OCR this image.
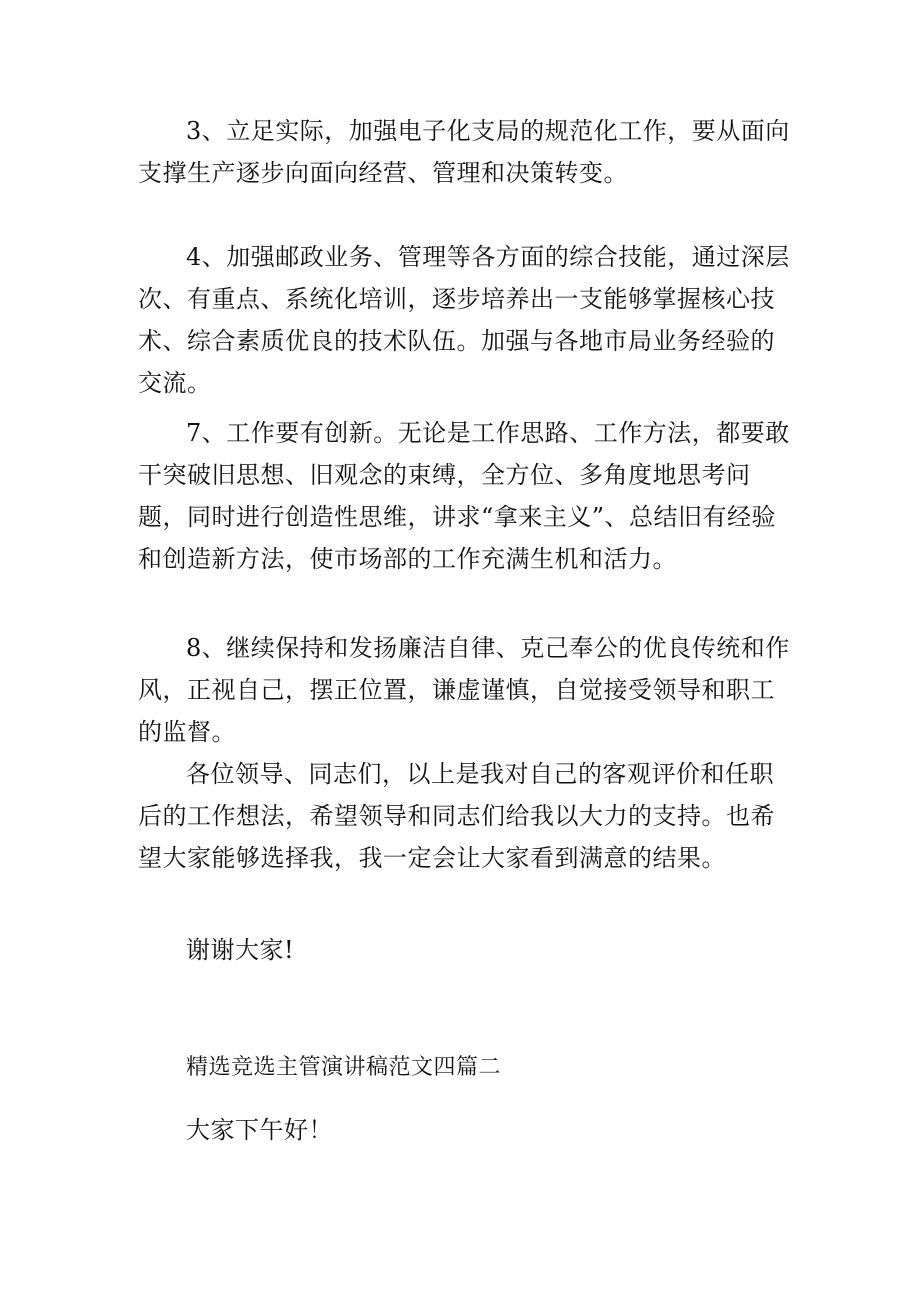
3、立足实际，加强电子化支局的规范化工作，要从面向支撑生产逐步向面向经营、管理和决策转变。

4、加强邮政业务、管理等各方面的综合技能，通过深层次、有重点、系统化培训，逐步培养出一支能够掌握核心技术、综合素质优良的技术队伍。加强与各地市局业务经验的交流。

7、工作要有创新。无论是工作思路、工作方法，都要敢干突破旧思想、旧观念的束缚，全方位、多角度地思考问题，同时进行创造性思维，讲求“拿来主义”、总结旧有经验和创造新方法，使市场部的工作充满生机和活力。

8、继续保持和发扬廉洁自律、克己奉公的优良传统和作风，正视自己，摆正位置，谦虚谨慎，自觉接受领导和职工的监督。

各位领导、同志们，以上是我对自己的客观评价和任职后的工作想法，希望领导和同志们给我以大力的支持。也希望大家能够选择我，我一定会让大家看到满意的结果。

谢谢大家!

精选竞选主管演讲稿范文四篇二

大家下午好！
